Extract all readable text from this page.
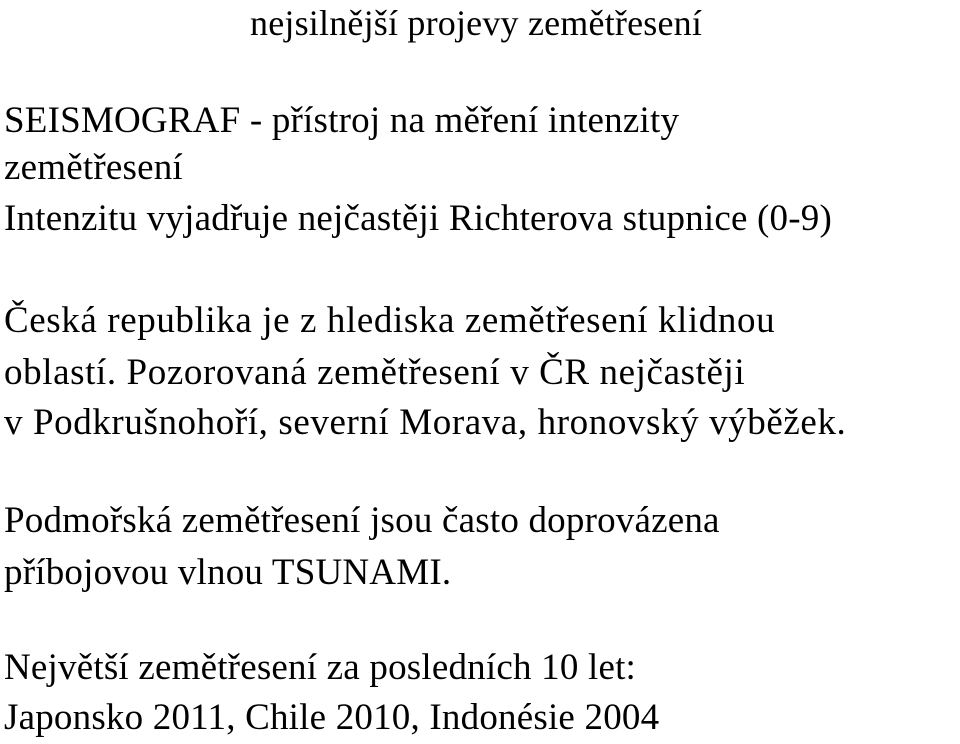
nejsilnější projevy zemětřesení
SEISMOGRAF - přístroj na měření intenzity
zemětřesení
Intenzitu vyjadřuje nejčastěji Richterova stupnice (0-9)
Česká republika je z hlediska zemětřesení klidnou
oblastí. Pozorovaná zemětřesení v ČR nejčastěji
v Podkrušnohoří, severní Morava, hronovský výběžek.
Podmořská zemětřesení jsou často doprovázena
příbojovou vlnou TSUNAMI.
Největší zemětřesení za posledních 10 let:
Japonsko 2011, Chile 2010, Indonésie 2004
